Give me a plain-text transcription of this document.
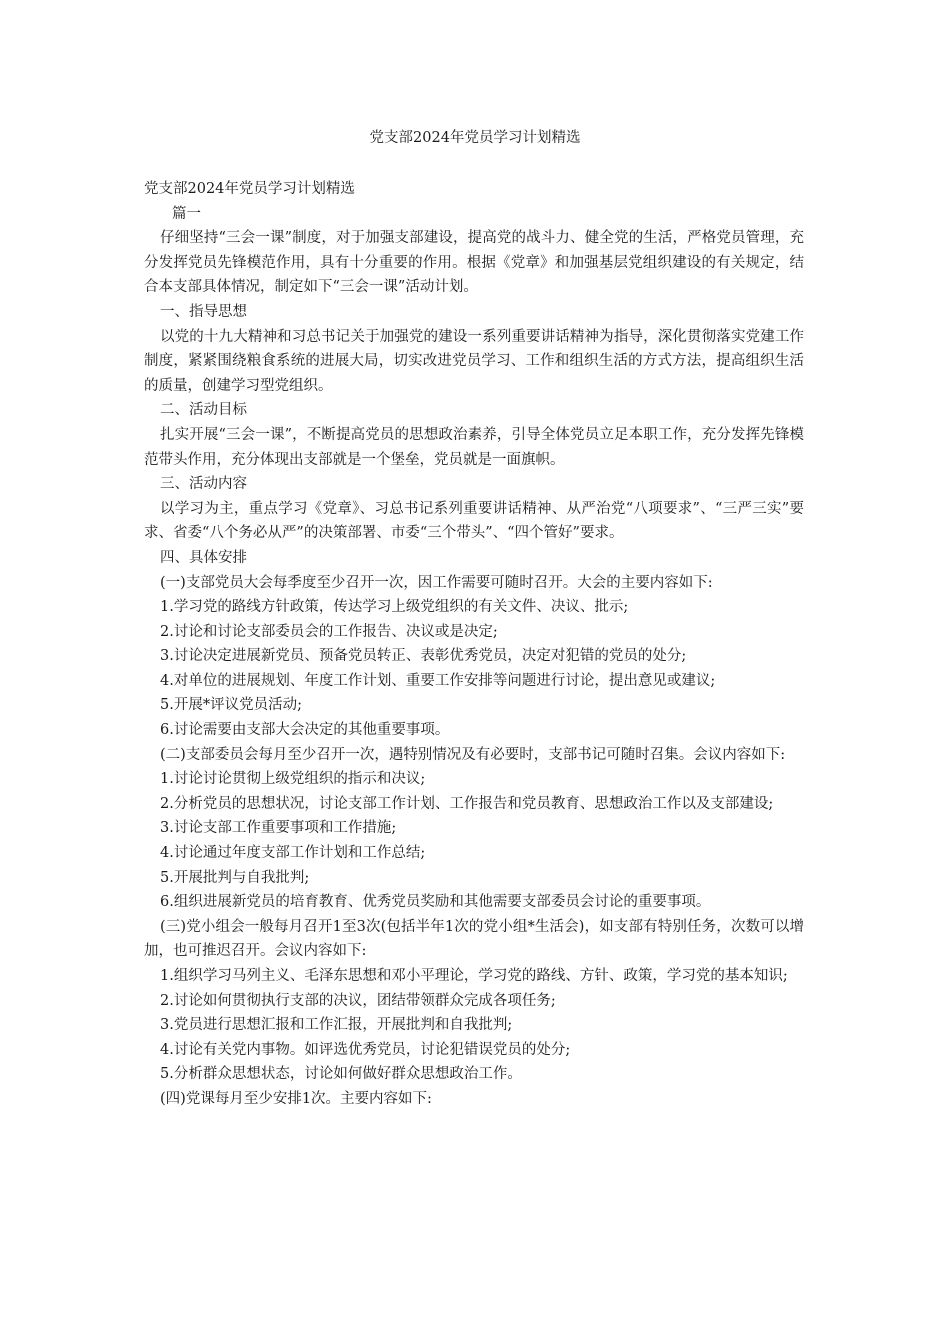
党支部2024年党员学习计划精选

党支部2024年党员学习计划精选

篇一

仔细坚持“三会一课”制度，对于加强支部建设，提高党的战斗力、健全党的生活，严格党员管理，充分发挥党员先锋模范作用，具有十分重要的作用。根据《党章》和加强基层党组织建设的有关规定，结合本支部具体情况，制定如下“三会一课”活动计划。

一、指导思想

以党的十九大精神和习总书记关于加强党的建设一系列重要讲话精神为指导，深化贯彻落实党建工作制度，紧紧围绕粮食系统的进展大局，切实改进党员学习、工作和组织生活的方式方法，提高组织生活的质量，创建学习型党组织。

二、活动目标

扎实开展“三会一课”，不断提高党员的思想政治素养，引导全体党员立足本职工作，充分发挥先锋模范带头作用，充分体现出支部就是一个堡垒，党员就是一面旗帜。

三、活动内容

以学习为主，重点学习《党章》、习总书记系列重要讲话精神、从严治党“八项要求”、“三严三实”要求、省委“八个务必从严”的决策部署、市委“三个带头”、“四个管好”要求。

四、具体安排

(一)支部党员大会每季度至少召开一次，因工作需要可随时召开。大会的主要内容如下:

1.学习党的路线方针政策，传达学习上级党组织的有关文件、决议、批示;

2.讨论和讨论支部委员会的工作报告、决议或是决定;

3.讨论决定进展新党员、预备党员转正、表彰优秀党员，决定对犯错的党员的处分;

4.对单位的进展规划、年度工作计划、重要工作安排等问题进行讨论，提出意见或建议;

5.开展*评议党员活动;

6.讨论需要由支部大会决定的其他重要事项。

(二)支部委员会每月至少召开一次，遇特别情况及有必要时，支部书记可随时召集。会议内容如下:

1.讨论讨论贯彻上级党组织的指示和决议;

2.分析党员的思想状况，讨论支部工作计划、工作报告和党员教育、思想政治工作以及支部建设;

3.讨论支部工作重要事项和工作措施;

4.讨论通过年度支部工作计划和工作总结;

5.开展批判与自我批判;

6.组织进展新党员的培育教育、优秀党员奖励和其他需要支部委员会讨论的重要事项。

(三)党小组会一般每月召开1至3次(包括半年1次的党小组*生活会)，如支部有特别任务，次数可以增加，也可推迟召开。会议内容如下:

1.组织学习马列主义、毛泽东思想和邓小平理论，学习党的路线、方针、政策，学习党的基本知识;

2.讨论如何贯彻执行支部的决议，团结带领群众完成各项任务;

3.党员进行思想汇报和工作汇报，开展批判和自我批判;

4.讨论有关党内事物。如评选优秀党员，讨论犯错误党员的处分;

5.分析群众思想状态，讨论如何做好群众思想政治工作。

(四)党课每月至少安排1次。主要内容如下:
